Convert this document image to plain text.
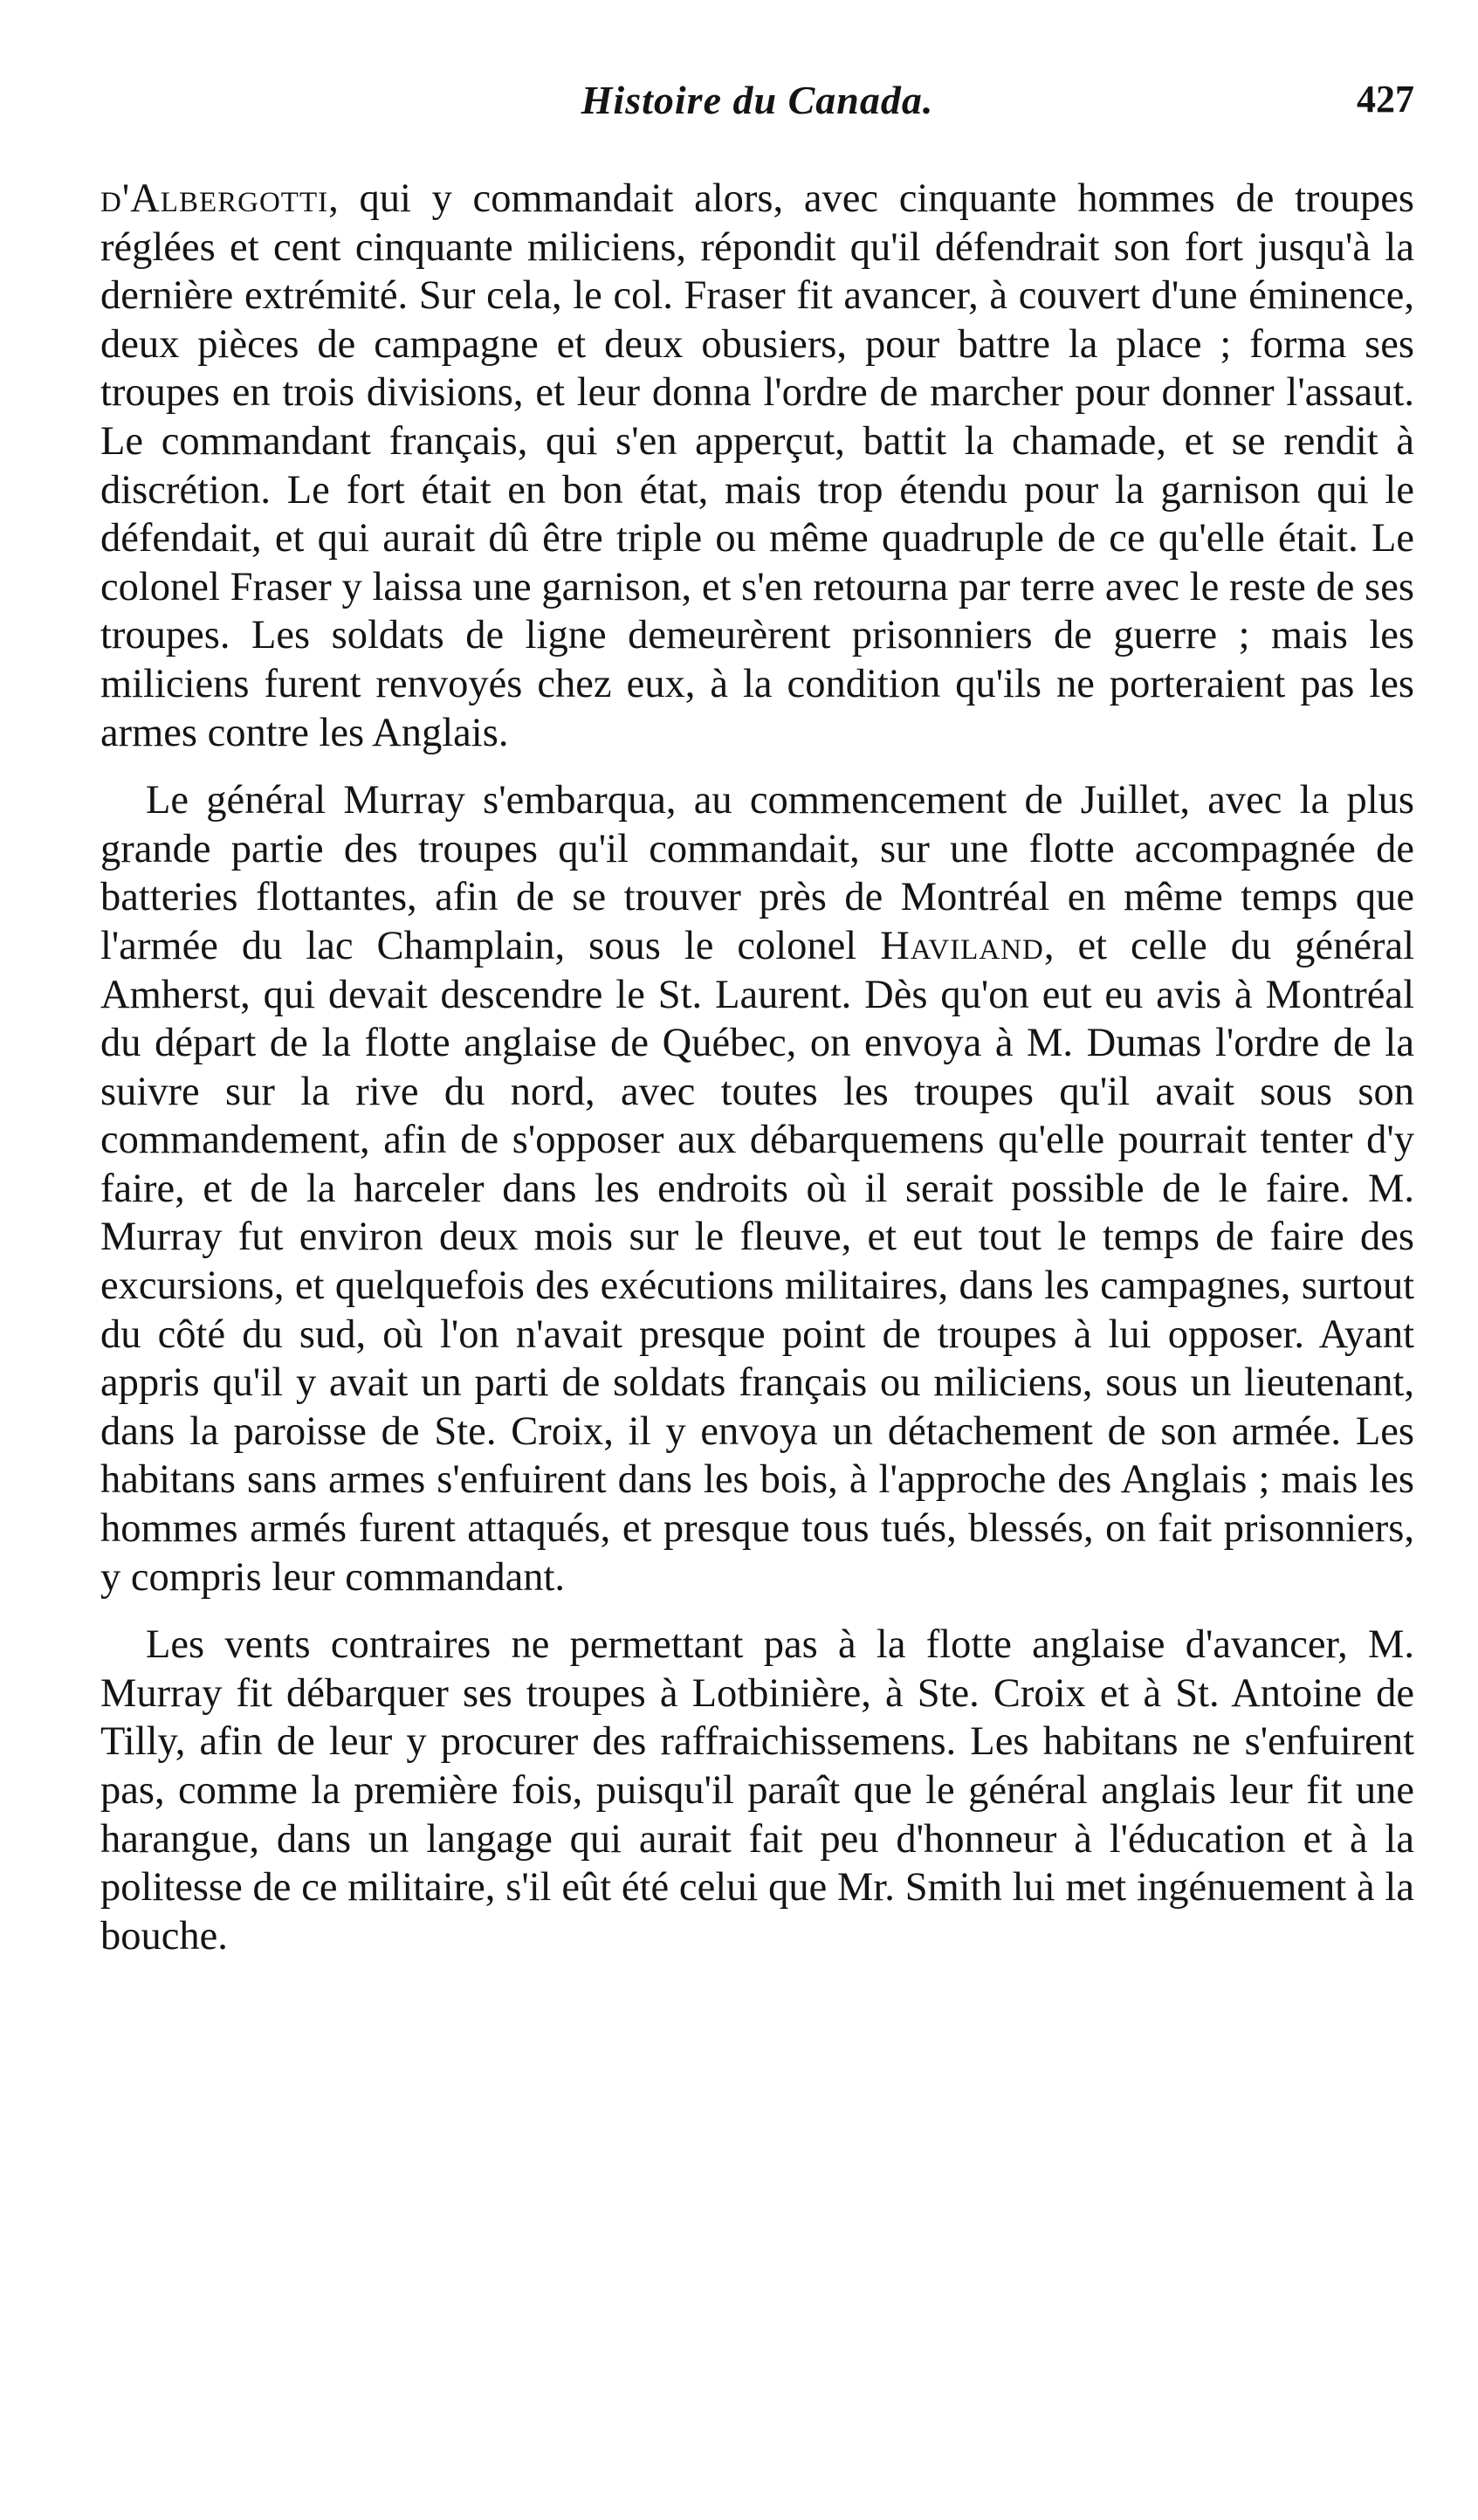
Histoire du Canada.	427

d'Albergotti, qui y commandait alors, avec cinquante hommes de troupes réglées et cent cinquante miliciens, répondit qu'il défendrait son fort jusqu'à la dernière extrémité. Sur cela, le col. Fraser fit avancer, à couvert d'une éminence, deux pièces de campagne et deux obusiers, pour battre la place ; forma ses troupes en trois divisions, et leur donna l'ordre de marcher pour donner l'assaut. Le commandant français, qui s'en apperçut, battit la chamade, et se rendit à discrétion. Le fort était en bon état, mais trop étendu pour la garnison qui le défendait, et qui aurait dû être triple ou même quadruple de ce qu'elle était. Le colonel Fraser y laissa une garnison, et s'en retourna par terre avec le reste de ses troupes. Les soldats de ligne demeurèrent prisonniers de guerre ; mais les miliciens furent renvoyés chez eux, à la condition qu'ils ne porteraient pas les armes contre les Anglais.

Le général Murray s'embarqua, au commencement de Juillet, avec la plus grande partie des troupes qu'il commandait, sur une flotte accompagnée de batteries flottantes, afin de se trouver près de Montréal en même temps que l'armée du lac Champlain, sous le colonel Haviland, et celle du général Amherst, qui devait descendre le St. Laurent. Dès qu'on eut eu avis à Montréal du départ de la flotte anglaise de Québec, on envoya à M. Dumas l'ordre de la suivre sur la rive du nord, avec toutes les troupes qu'il avait sous son commandement, afin de s'opposer aux débarquemens qu'elle pourrait tenter d'y faire, et de la harceler dans les endroits où il serait possible de le faire. M. Murray fut environ deux mois sur le fleuve, et eut tout le temps de faire des excursions, et quelquefois des exécutions militaires, dans les campagnes, surtout du côté du sud, où l'on n'avait presque point de troupes à lui opposer. Ayant appris qu'il y avait un parti de soldats français ou miliciens, sous un lieutenant, dans la paroisse de Ste. Croix, il y envoya un détachement de son armée. Les habitans sans armes s'enfuirent dans les bois, à l'approche des Anglais ; mais les hommes armés furent attaqués, et presque tous tués, blessés, on fait prisonniers, y compris leur commandant.

Les vents contraires ne permettant pas à la flotte anglaise d'avancer, M. Murray fit débarquer ses troupes à Lotbinière, à Ste. Croix et à St. Antoine de Tilly, afin de leur y procurer des raffraichissemens. Les habitans ne s'enfuirent pas, comme la première fois, puisqu'il paraît que le général anglais leur fit une harangue, dans un langage qui aurait fait peu d'honneur à l'éducation et à la politesse de ce militaire, s'il eût été celui que Mr. Smith lui met ingénuement à la bouche.
